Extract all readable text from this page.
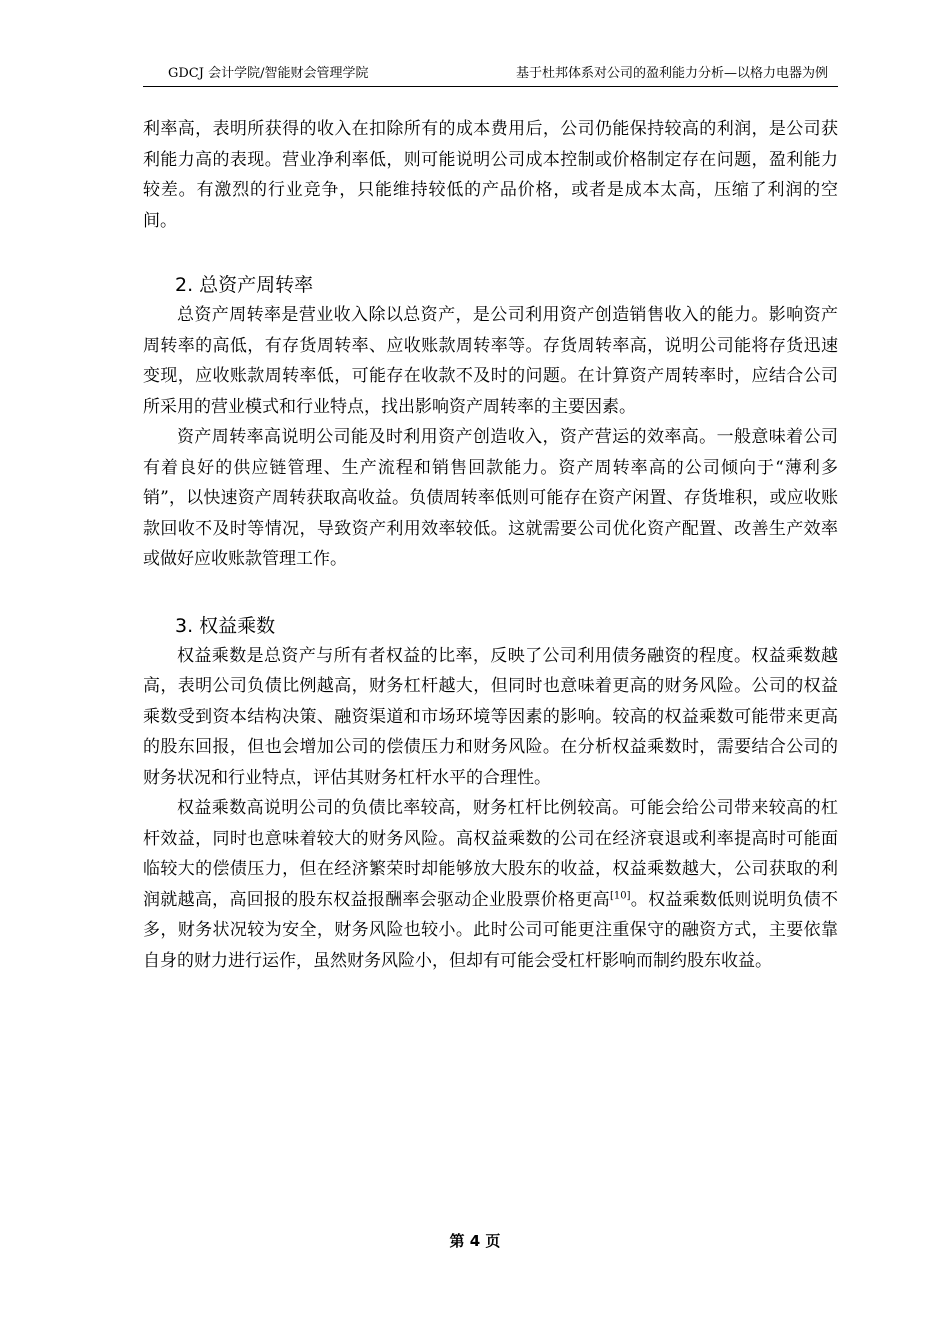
GDCJ 会计学院/智能财会管理学院	基于杜邦体系对公司的盈利能力分析—以格力电器为例

利率高，表明所获得的收入在扣除所有的成本费用后，公司仍能保持较高的利润，是公司获利能力高的表现。营业净利率低，则可能说明公司成本控制或价格制定存在问题，盈利能力较差。有激烈的行业竞争，只能维持较低的产品价格，或者是成本太高，压缩了利润的空间。

2. 总资产周转率

总资产周转率是营业收入除以总资产，是公司利用资产创造销售收入的能力。影响资产周转率的高低，有存货周转率、应收账款周转率等。存货周转率高，说明公司能将存货迅速变现，应收账款周转率低，可能存在收款不及时的问题。在计算资产周转率时，应结合公司所采用的营业模式和行业特点，找出影响资产周转率的主要因素。

资产周转率高说明公司能及时利用资产创造收入，资产营运的效率高。一般意味着公司有着良好的供应链管理、生产流程和销售回款能力。资产周转率高的公司倾向于“薄利多销”，以快速资产周转获取高收益。负债周转率低则可能存在资产闲置、存货堆积，或应收账款回收不及时等情况，导致资产利用效率较低。这就需要公司优化资产配置、改善生产效率或做好应收账款管理工作。

3. 权益乘数

权益乘数是总资产与所有者权益的比率，反映了公司利用债务融资的程度。权益乘数越高，表明公司负债比例越高，财务杠杆越大，但同时也意味着更高的财务风险。公司的权益乘数受到资本结构决策、融资渠道和市场环境等因素的影响。较高的权益乘数可能带来更高的股东回报，但也会增加公司的偿债压力和财务风险。在分析权益乘数时，需要结合公司的财务状况和行业特点，评估其财务杠杆水平的合理性。

权益乘数高说明公司的负债比率较高，财务杠杆比例较高。可能会给公司带来较高的杠杆效益，同时也意味着较大的财务风险。高权益乘数的公司在经济衰退或利率提高时可能面临较大的偿债压力，但在经济繁荣时却能够放大股东的收益，权益乘数越大，公司获取的利润就越高，高回报的股东权益报酬率会驱动企业股票价格更高[10]。权益乘数低则说明负债不多，财务状况较为安全，财务风险也较小。此时公司可能更注重保守的融资方式，主要依靠自身的财力进行运作，虽然财务风险小，但却有可能会受杠杆影响而制约股东收益。

第 4 页
